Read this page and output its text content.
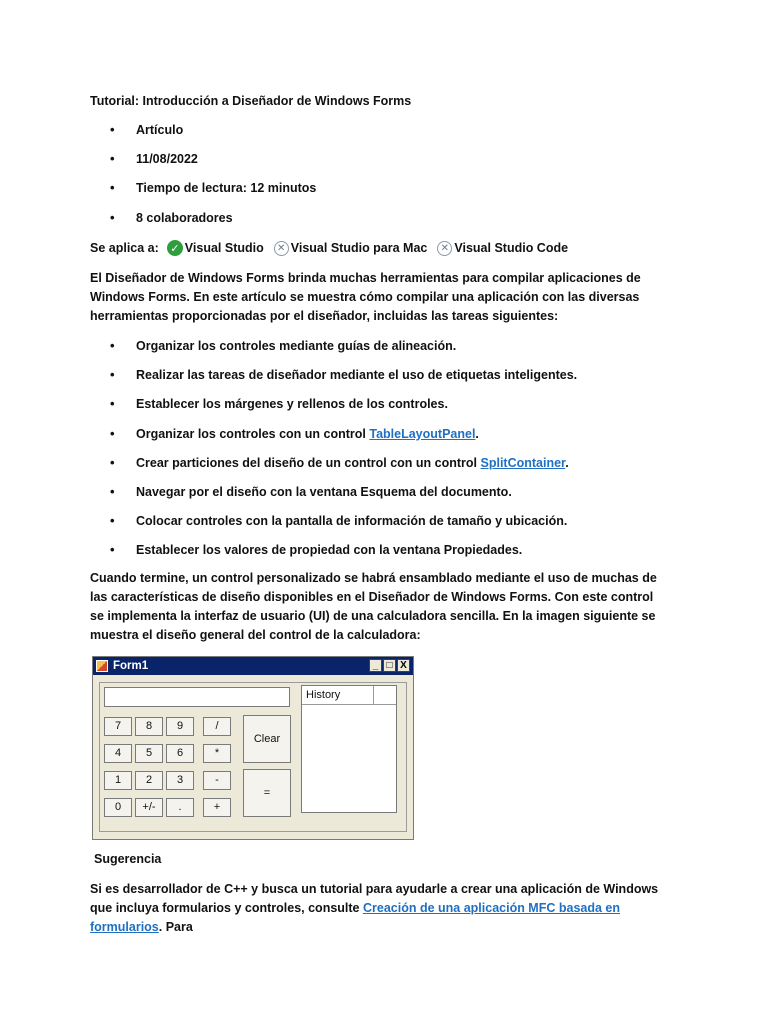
Tutorial: Introducción a Diseñador de Windows Forms
• Artículo
• 11/08/2022
• Tiempo de lectura: 12 minutos
• 8 colaboradores
Se aplica a:	✓ Visual Studio	✕ Visual Studio para Mac	✕ Visual Studio Code

El Diseñador de Windows Forms brinda muchas herramientas para compilar aplicaciones de Windows Forms. En este artículo se muestra cómo compilar una aplicación con las diversas herramientas proporcionadas por el diseñador, incluidas las tareas siguientes:

• Organizar los controles mediante guías de alineación.
• Realizar las tareas de diseñador mediante el uso de etiquetas inteligentes.
• Establecer los márgenes y rellenos de los controles.
• Organizar los controles con un control TableLayoutPanel.
• Crear particiones del diseño de un control con un control SplitContainer.
• Navegar por el diseño con la ventana Esquema del documento.
• Colocar controles con la pantalla de información de tamaño y ubicación.
• Establecer los valores de propiedad con la ventana Propiedades.

Cuando termine, un control personalizado se habrá ensamblado mediante el uso de muchas de las características de diseño disponibles en el Diseñador de Windows Forms. Con este control se implementa la interfaz de usuario (UI) de una calculadora sencilla. En la imagen siguiente se muestra el diseño general del control de la calculadora:

Sugerencia

Si es desarrollador de C++ y busca un tutorial para ayudarle a crear una aplicación de Windows que incluya formularios y controles, consulte Creación de una aplicación MFC basada en formularios. Para

Form1	_ □ X
7	8	9	/
4	5	6	*
1	2	3	-
0	+/-	.	+
Clear
=
History
